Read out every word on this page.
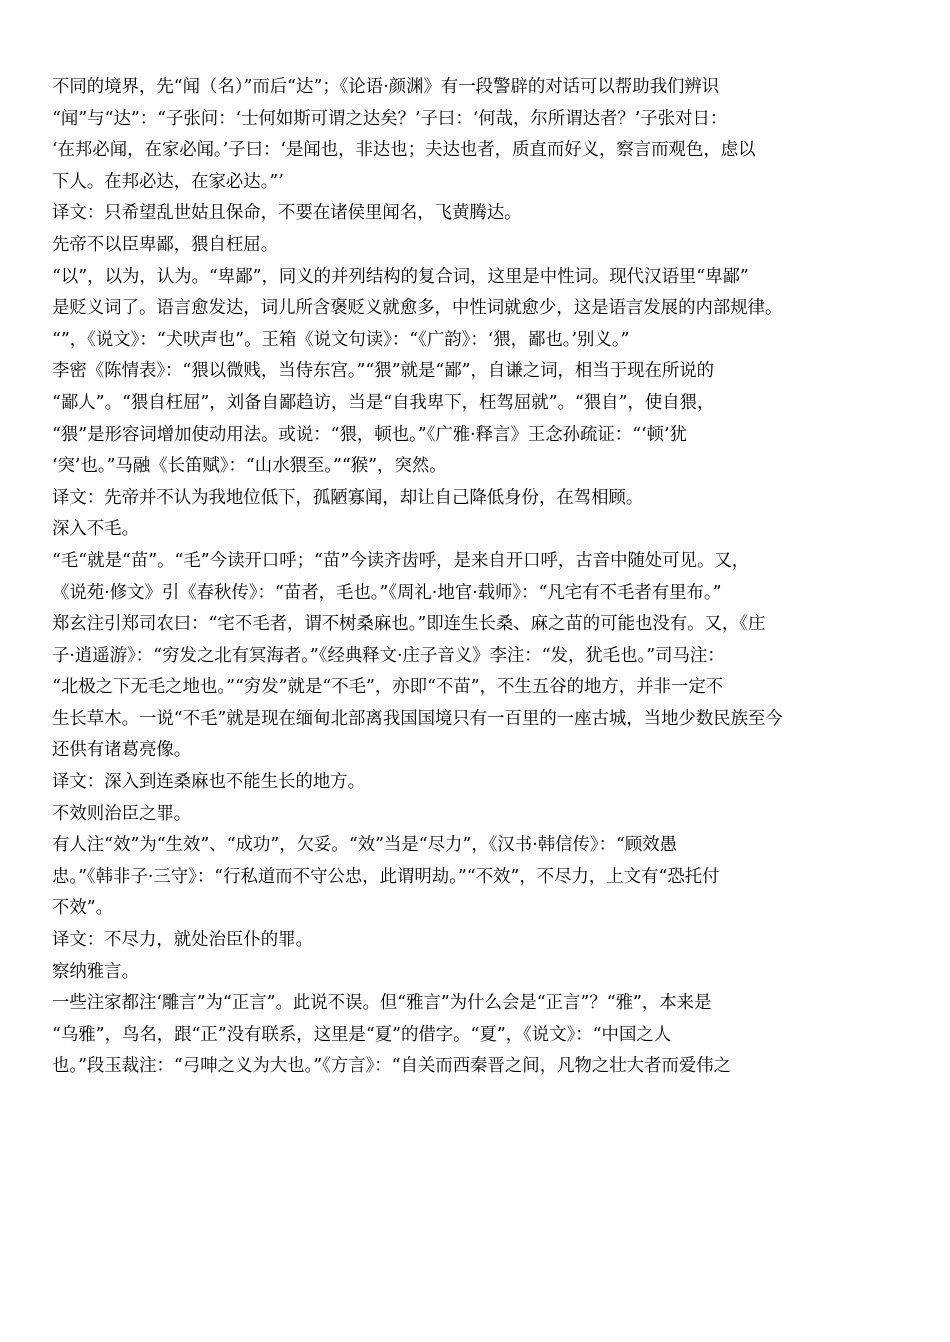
不同的境界，先“闻（名）”而后“达”；《论语·颜渊》有一段警辟的对话可以帮助我们辨识

“闻”与“达”：“子张问：‘士何如斯可谓之达矣？’子曰：‘何哉，尔所谓达者？’子张对日：

‘在邦必闻，在家必闻。’子曰：‘是闻也，非达也；夫达也者，质直而好义，察言而观色，虑以

下人。在邦必达，在家必达。”’

译文：只希望乱世姑且保命，不要在诸侯里闻名，飞黄腾达。

先帝不以臣卑鄙，猥自枉屈。

“以”，以为，认为。“卑鄙”，同义的并列结构的复合词，这里是中性词。现代汉语里“卑鄙”

是贬义词了。语言愈发达，词儿所含褒贬义就愈多，中性词就愈少，这是语言发展的内部规律。

“”，《说文》：“犬吠声也”。王箱《说文句读》：“《广韵》：‘猥，鄙也。’别义。”

李密《陈情表》：“猥以微贱，当侍东宫。”“猥”就是“鄙”，自谦之词，相当于现在所说的

“鄙人”。“猥自枉屈”，刘备自鄙趋访，当是“自我卑下，枉驾屈就”。“猥自”，使自猥，

“猥”是形容词增加使动用法。或说：“猥，顿也。”《广雅·释言》王念孙疏证：“‘顿’犹

‘突’也。”马融《长笛赋》：“山水猥至。”“猴”，突然。

译文：先帝并不认为我地位低下，孤陋寡闻，却让自己降低身份，在驾相顾。

深入不毛。

“毛“就是“苗”。“毛”今读开口呼；“苗”今读齐齿呼，是来自开口呼，古音中随处可见。又，

《说苑·修文》引《春秋传》：“苗者，毛也。”《周礼·地官·载师》：“凡宅有不毛者有里布。”

郑玄注引郑司农曰：“宅不毛者，谓不树桑麻也。”即连生长桑、麻之苗的可能也没有。又，《庄

子·逍遥游》：“穷发之北有冥海者。”《经典释文·庄子音义》李注：“发，犹毛也。”司马注：

“北极之下无毛之地也。”“穷发”就是“不毛”，亦即“不苗”，不生五谷的地方，并非一定不

生长草木。一说“不毛”就是现在缅甸北部离我国国境只有一百里的一座古城，当地少数民族至今

还供有诸葛亮像。

译文：深入到连桑麻也不能生长的地方。

不效则治臣之罪。

有人注“效”为“生效”、“成功”，欠妥。“效”当是“尽力”，《汉书·韩信传》：“顾效愚

忠。”《韩非子·三守》：“行私道而不守公忠，此谓明劫。”“不效”，不尽力，上文有“恐托付

不效”。

译文：不尽力，就处治臣仆的罪。

察纳雅言。

一些注家都注‘雕言”为“正言”。此说不误。但“雅言”为什么会是“正言”？“雅”，本来是

“乌雅”，鸟名，跟“正”没有联系，这里是“夏”的借字。“夏”，《说文》：“中国之人

也。”段玉裁注：“弓呻之义为大也。”《方言》：“自关而西秦晋之间，凡物之壮大者而爱伟之
